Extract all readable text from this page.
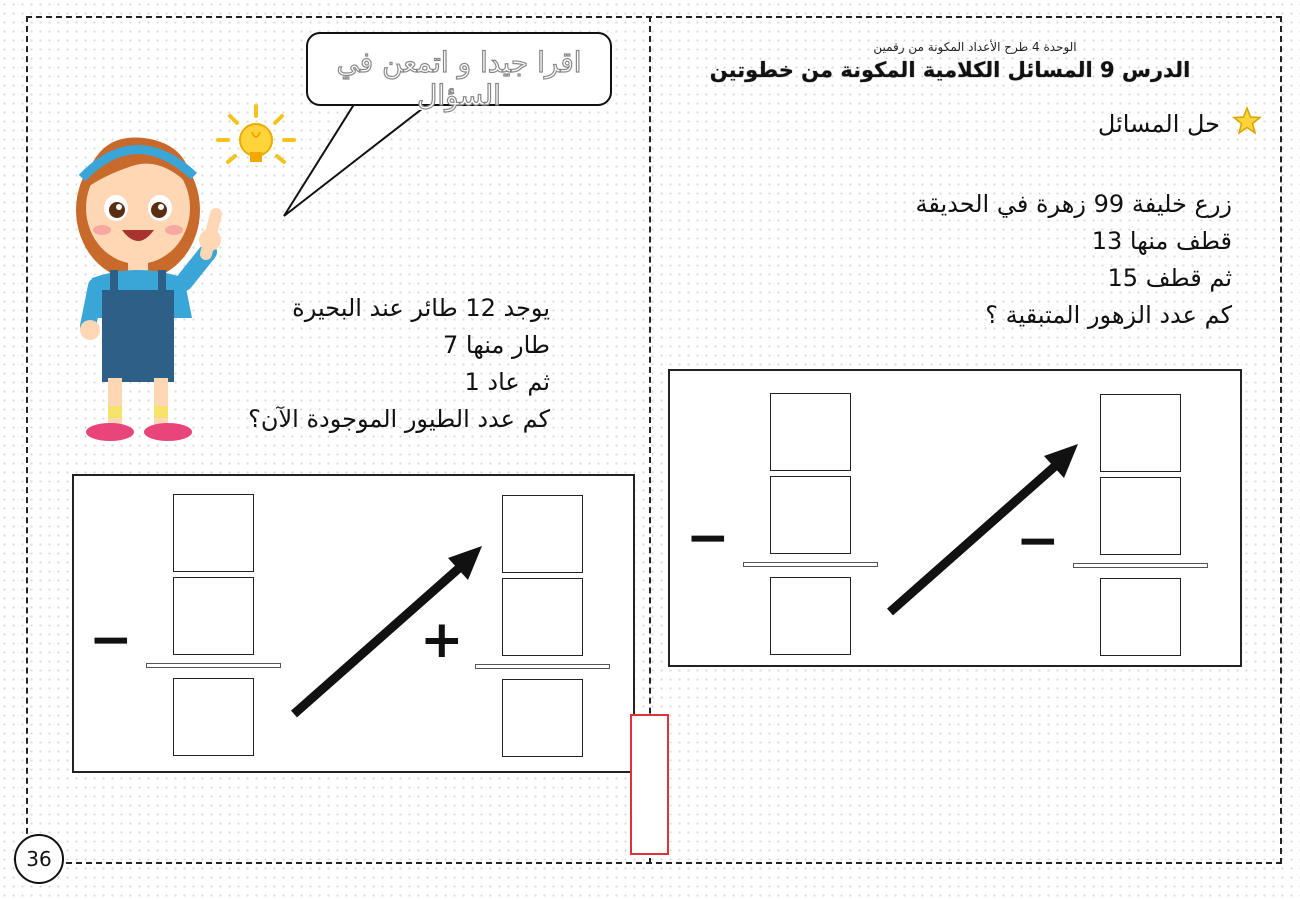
الوحدة 4 طرح الأعداد المكونة من رقمين
الدرس 9 المسائل الكلامية المكونة من خطوتين
حل المسائل
زرع خليفة 99 زهرة في الحديقة
قطف منها 13
ثم قطف 15
كم عدد الزهور المتبقية ؟
−	−
اقرا جيدا و اتمعن في السؤال
يوجد 12 طائر عند البحيرة
طار منها 7
ثم عاد 1
كم عدد الطيور الموجودة الآن؟
−	+
36
